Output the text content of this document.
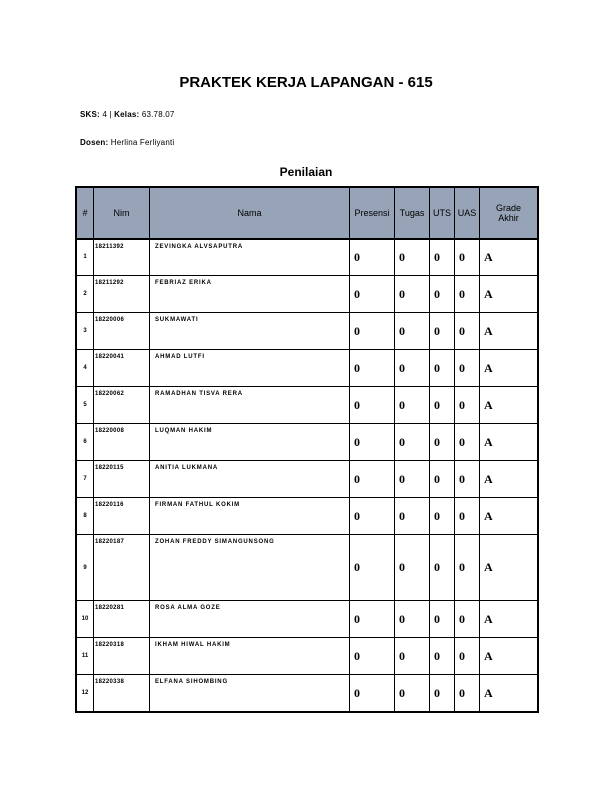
PRAKTEK KERJA LAPANGAN - 615
SKS: 4 | Kelas: 63.78.07
Dosen: Herlina Ferliyanti
Penilaian
#	Nim	Nama	Presensi	Tugas	UTS	UAS	Grade
Akhir
1	18211392	ZEVINGKA ALVSAPUTRA	0	0	0	0	A
2	18211292	FEBRIAZ ERIKA	0	0	0	0	A
3	18220006	SUKMAWATI	0	0	0	0	A
4	18220041	AHMAD LUTFI	0	0	0	0	A
5	18220062	RAMADHAN TISVA RERA	0	0	0	0	A
6	18220008	LUQMAN HAKIM	0	0	0	0	A
7	18220115	ANITIA LUKMANA	0	0	0	0	A
8	18220116	FIRMAN FATHUL KOKIM	0	0	0	0	A
9	18220187	ZOHAN FREDDY SIMANGUNSONG	0	0	0	0	A
10	18220281	ROSA ALMA GOZE	0	0	0	0	A
11	18220318	IKHAM HIWAL HAKIM	0	0	0	0	A
12	18220338	ELFANA SIHOMBING	0	0	0	0	A
